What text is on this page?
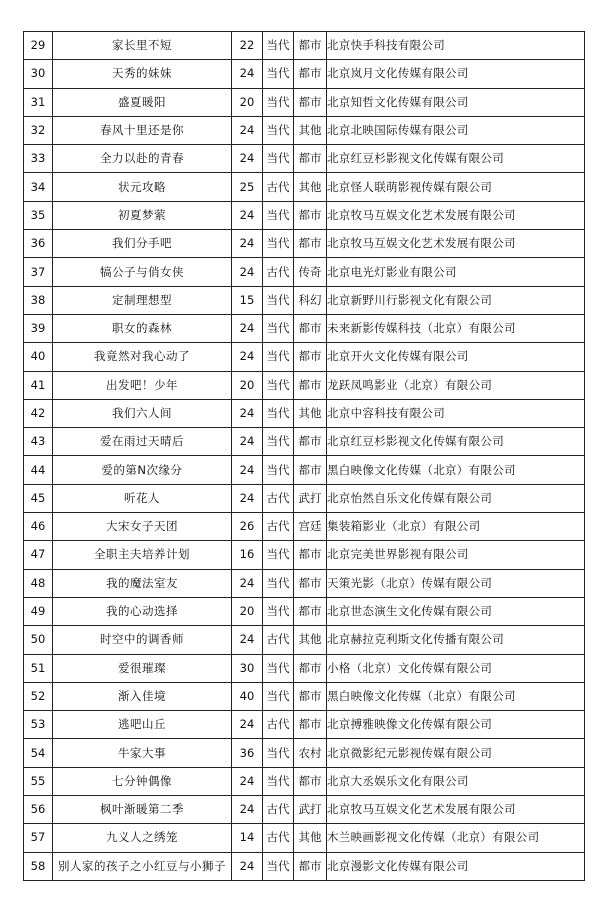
29	家长里不短	22	当代	都市	北京快手科技有限公司
30	天秀的妹妹	24	当代	都市	北京岚月文化传媒有限公司
31	盛夏暖阳	20	当代	都市	北京知哲文化传媒有限公司
32	春风十里还是你	24	当代	其他	北京北映国际传媒有限公司
33	全力以赴的青春	24	当代	都市	北京红豆杉影视文化传媒有限公司
34	状元攻略	25	古代	其他	北京怪人联萌影视传媒有限公司
35	初夏梦萦	24	当代	都市	北京牧马互娱文化艺术发展有限公司
36	我们分手吧	24	当代	都市	北京牧马互娱文化艺术发展有限公司
37	犒公子与俏女侠	24	古代	传奇	北京电光灯影业有限公司
38	定制理想型	15	当代	科幻	北京新野川行影视文化有限公司
39	职女的森林	24	当代	都市	未来新影传媒科技（北京）有限公司
40	我竟然对我心动了	24	当代	都市	北京开火文化传媒有限公司
41	出发吧！少年	20	当代	都市	龙跃凤鸣影业（北京）有限公司
42	我们六人间	24	当代	其他	北京中容科技有限公司
43	爱在雨过天晴后	24	当代	都市	北京红豆杉影视文化传媒有限公司
44	爱的第N次缘分	24	当代	都市	黑白映像文化传媒（北京）有限公司
45	听花人	24	古代	武打	北京怡然自乐文化传媒有限公司
46	大宋女子天团	26	古代	宫廷	集装箱影业（北京）有限公司
47	全职主夫培养计划	16	当代	都市	北京完美世界影视有限公司
48	我的魔法室友	24	当代	都市	天策光影（北京）传媒有限公司
49	我的心动选择	20	当代	都市	北京世态演生文化传媒有限公司
50	时空中的调香师	24	古代	其他	北京赫拉克利斯文化传播有限公司
51	爱很璀璨	30	当代	都市	小格（北京）文化传媒有限公司
52	渐入佳境	40	当代	都市	黑白映像文化传媒（北京）有限公司
53	逃吧山丘	24	古代	都市	北京搏雅映像文化传媒有限公司
54	牛家大事	36	当代	农村	北京微影纪元影视传媒有限公司
55	七分钟偶像	24	当代	都市	北京大丞娱乐文化有限公司
56	枫叶渐暖第二季	24	古代	武打	北京牧马互娱文化艺术发展有限公司
57	九义人之绣笼	14	古代	其他	木兰映画影视文化传媒（北京）有限公司
58	别人家的孩子之小红豆与小狮子	24	当代	都市	北京漫影文化传媒有限公司
